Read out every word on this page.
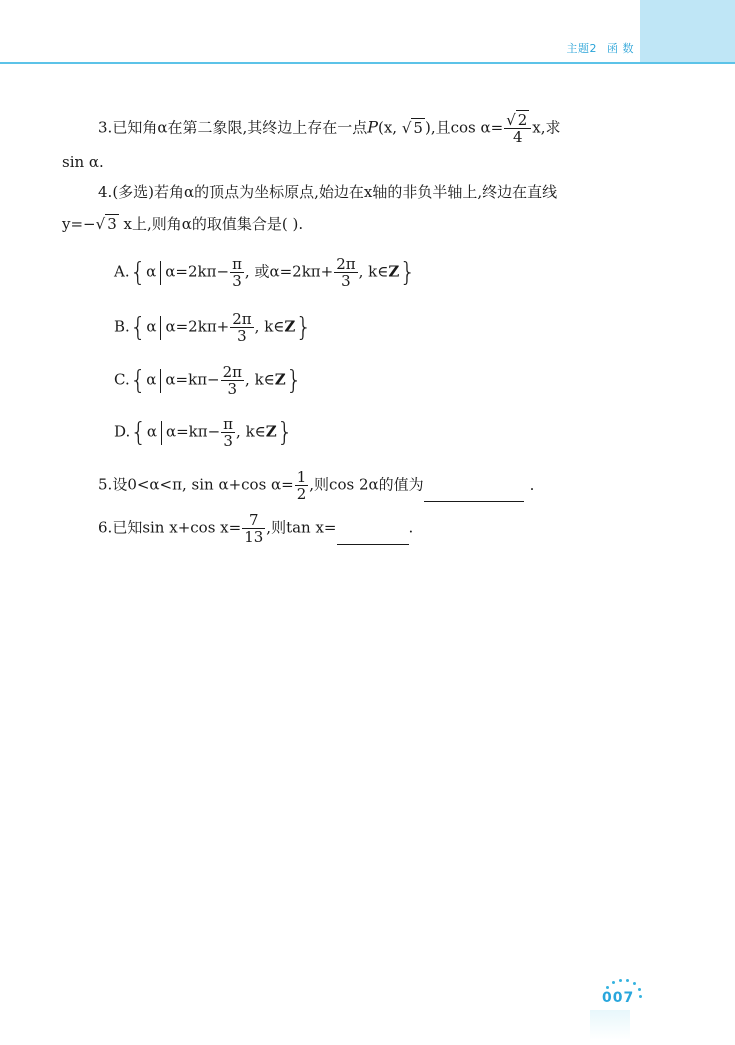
主题2 函 数
3.已知角α在第二象限,其终边上存在一点P(x, √ 5 ),且$\cos \alpha= \frac{√ 2}{4} x$,求
sin α.
4.(多选)若角α的顶点为坐标原点,始边在x轴的非负半轴上,终边在直线
y=−√ 3 x上,则角α的取值集合是( ).
A.{α $\alpha=2k\pi- \frac{\pi}{3}$ , 或$\alpha=2k\pi+ \frac{2\pi}{3}$ , k∈Z}
B.{α $\alpha=2k\pi+ \frac{2\pi}{3}$ , k∈Z}
C.{α $\alpha=k\pi- \frac{2\pi}{3}$ , k∈Z}
D.{α $\alpha=k\pi- \frac{\pi}{3}$ , k∈Z}
5.设0<α<π, sin α+cos $\alpha= \frac{1}{2}$ ,则cos 2α的值为	.
6.已知sin x+cos $x= \frac{7}{13}$ ,则tan x=	.
007
